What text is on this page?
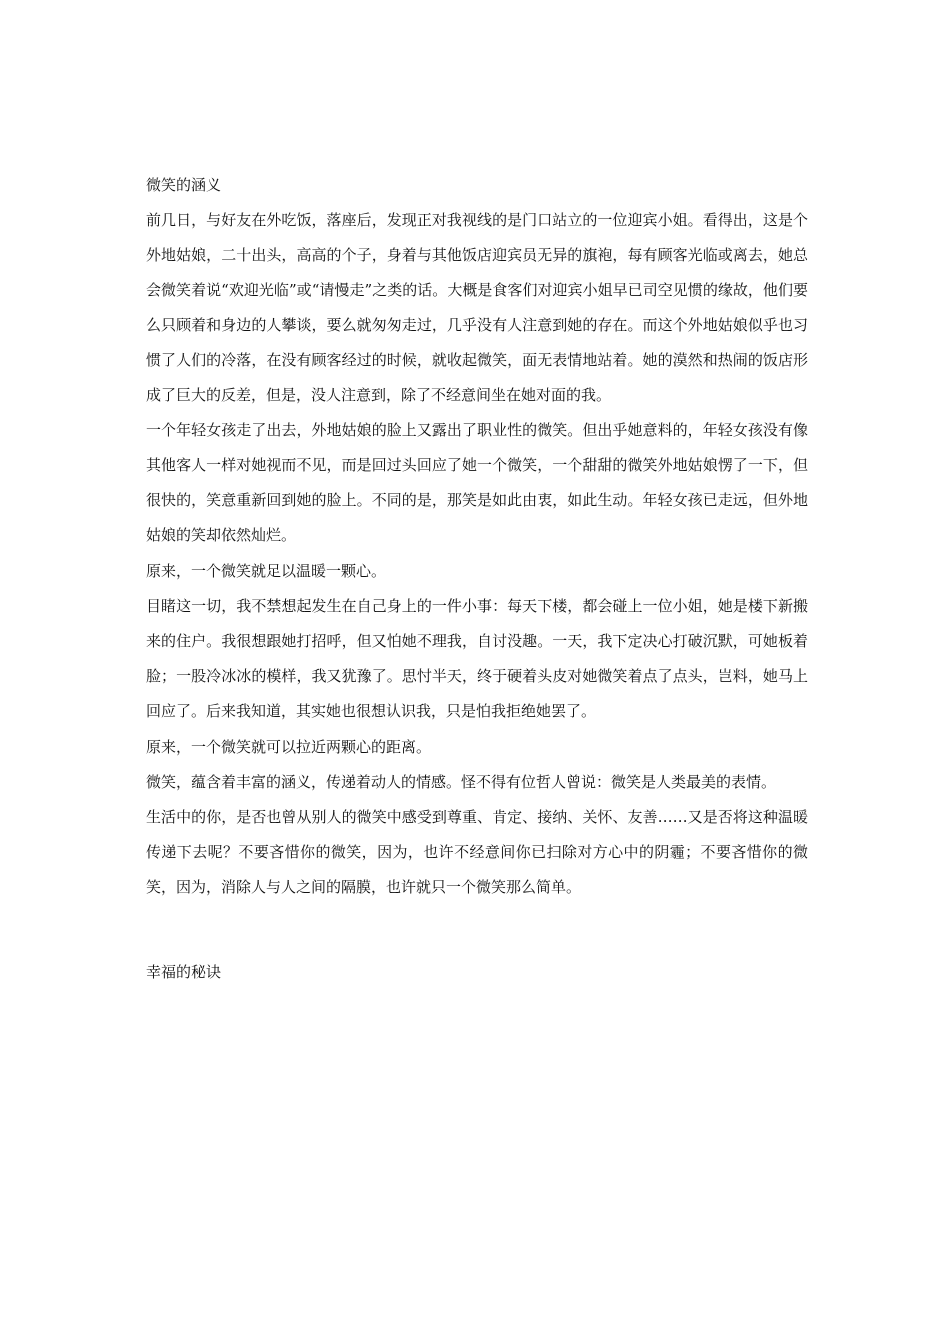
微笑的涵义

前几日，与好友在外吃饭，落座后，发现正对我视线的是门口站立的一位迎宾小姐。看得出，这是个外地姑娘，二十出头，高高的个子，身着与其他饭店迎宾员无异的旗袍，每有顾客光临或离去，她总会微笑着说“欢迎光临”或“请慢走”之类的话。大概是食客们对迎宾小姐早已司空见惯的缘故，他们要么只顾着和身边的人攀谈，要么就匆匆走过，几乎没有人注意到她的存在。而这个外地姑娘似乎也习惯了人们的冷落，在没有顾客经过的时候，就收起微笑，面无表情地站着。她的漠然和热闹的饭店形成了巨大的反差，但是，没人注意到，除了不经意间坐在她对面的我。

一个年轻女孩走了出去，外地姑娘的脸上又露出了职业性的微笑。但出乎她意料的，年轻女孩没有像其他客人一样对她视而不见，而是回过头回应了她一个微笑，一个甜甜的微笑外地姑娘愣了一下，但很快的，笑意重新回到她的脸上。不同的是，那笑是如此由衷，如此生动。年轻女孩已走远，但外地姑娘的笑却依然灿烂。

原来，一个微笑就足以温暖一颗心。

目睹这一切，我不禁想起发生在自己身上的一件小事：每天下楼，都会碰上一位小姐，她是楼下新搬来的住户。我很想跟她打招呼，但又怕她不理我，自讨没趣。一天，我下定决心打破沉默，可她板着脸；一股冷冰冰的模样，我又犹豫了。思忖半天，终于硬着头皮对她微笑着点了点头，岂料，她马上回应了。后来我知道，其实她也很想认识我，只是怕我拒绝她罢了。

原来，一个微笑就可以拉近两颗心的距离。

微笑，蕴含着丰富的涵义，传递着动人的情感。怪不得有位哲人曾说：微笑是人类最美的表情。

生活中的你，是否也曾从别人的微笑中感受到尊重、肯定、接纳、关怀、友善……又是否将这种温暖传递下去呢？不要吝惜你的微笑，因为，也许不经意间你已扫除对方心中的阴霾；不要吝惜你的微笑，因为，消除人与人之间的隔膜，也许就只一个微笑那么简单。

幸福的秘诀
